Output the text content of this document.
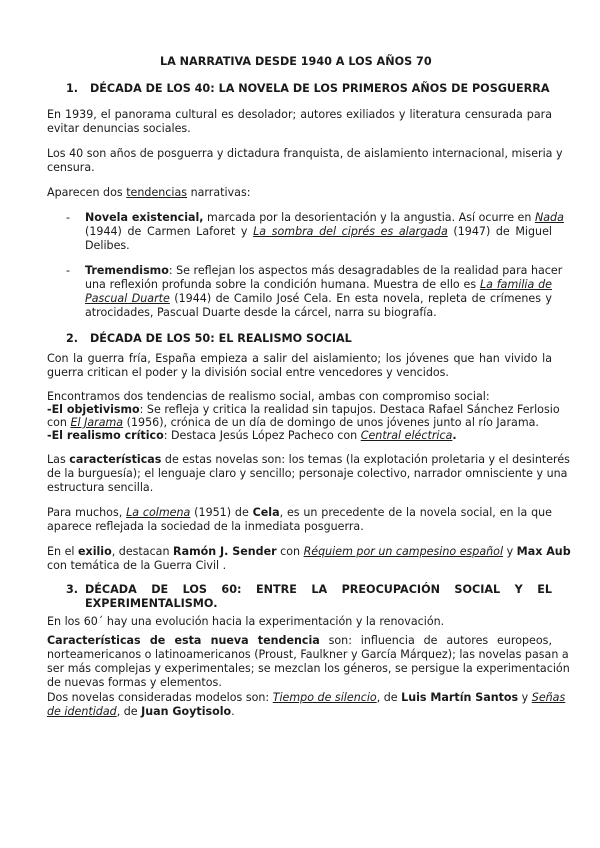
LA NARRATIVA DESDE 1940 A LOS AÑOS 70
1. DÉCADA DE LOS 40: LA NOVELA DE LOS PRIMEROS AÑOS DE POSGUERRA
En 1939, el panorama cultural es desolador; autores exiliados y literatura censurada para
evitar denuncias sociales.
Los 40 son años de posguerra y dictadura franquista, de aislamiento internacional, miseria y
censura.
Aparecen dos tendencias narrativas:
- Novela existencial, marcada por la desorientación y la angustia. Así ocurre en Nada
(1944) de Carmen Laforet y La sombra del ciprés es alargada (1947) de Miguel
Delibes.
- Tremendismo: Se reflejan los aspectos más desagradables de la realidad para hacer
una reflexión profunda sobre la condición humana. Muestra de ello es La familia de
Pascual Duarte (1944) de Camilo José Cela. En esta novela, repleta de crímenes y
atrocidades, Pascual Duarte desde la cárcel, narra su biografía.
2. DÉCADA DE LOS 50: EL REALISMO SOCIAL
Con la guerra fría, España empieza a salir del aislamiento; los jóvenes que han vivido la
guerra critican el poder y la división social entre vencedores y vencidos.
Encontramos dos tendencias de realismo social, ambas con compromiso social:
-El objetivismo: Se refleja y critica la realidad sin tapujos. Destaca Rafael Sánchez Ferlosio
con El Jarama (1956), crónica de un día de domingo de unos jóvenes junto al río Jarama.
-El realismo crítico: Destaca Jesús López Pacheco con Central eléctrica.
Las características de estas novelas son: los temas (la explotación proletaria y el desinterés
de la burguesía); el lenguaje claro y sencillo; personaje colectivo, narrador omnisciente y una
estructura sencilla.
Para muchos, La colmena (1951) de Cela, es un precedente de la novela social, en la que
aparece reflejada la sociedad de la inmediata posguerra.
En el exilio, destacan Ramón J. Sender con Réquiem por un campesino español y Max Aub
con temática de la Guerra Civil .
3. DÉCADA DE LOS 60: ENTRE LA PREOCUPACIÓN SOCIAL Y EL
EXPERIMENTALISMO.
En los 60´ hay una evolución hacia la experimentación y la renovación.
Características de esta nueva tendencia son: influencia de autores europeos,
norteamericanos o latinoamericanos (Proust, Faulkner y García Márquez); las novelas pasan a
ser más complejas y experimentales; se mezclan los géneros, se persigue la experimentación
de nuevas formas y elementos.
Dos novelas consideradas modelos son: Tiempo de silencio, de Luis Martín Santos y Señas
de identidad, de Juan Goytisolo.
